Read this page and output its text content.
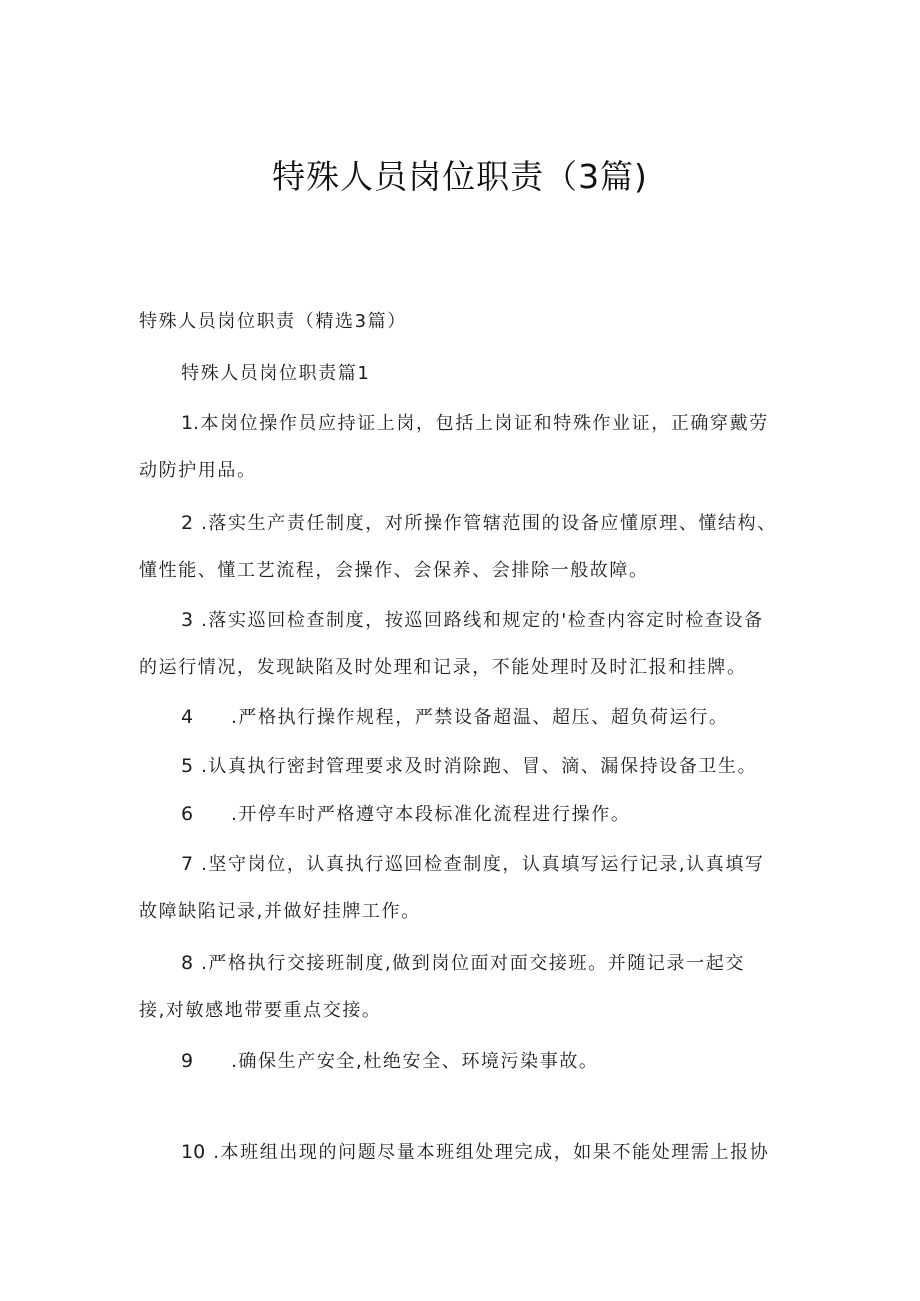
特殊人员岗位职责（3篇)
特殊人员岗位职责（精选3篇）
特殊人员岗位职责篇1
1.本岗位操作员应持证上岗，包括上岗证和特殊作业证，正确穿戴劳
动防护用品。
2 .落实生产责任制度，对所操作管辖范围的设备应懂原理、懂结构、
懂性能、懂工艺流程，会操作、会保养、会排除一般故障。
3 .落实巡回检查制度，按巡回路线和规定的'检查内容定时检查设备
的运行情况，发现缺陷及时处理和记录，不能处理时及时汇报和挂牌。
4 .严格执行操作规程，严禁设备超温、超压、超负荷运行。
5 .认真执行密封管理要求及时消除跑、冒、滴、漏保持设备卫生。
6 .开停车时严格遵守本段标准化流程进行操作。
7 .坚守岗位，认真执行巡回检查制度，认真填写运行记录,认真填写
故障缺陷记录,并做好挂牌工作。
8 .严格执行交接班制度,做到岗位面对面交接班。并随记录一起交
接,对敏感地带要重点交接。
9 .确保生产安全,杜绝安全、环境污染事故。
10 .本班组出现的问题尽量本班组处理完成，如果不能处理需上报协
